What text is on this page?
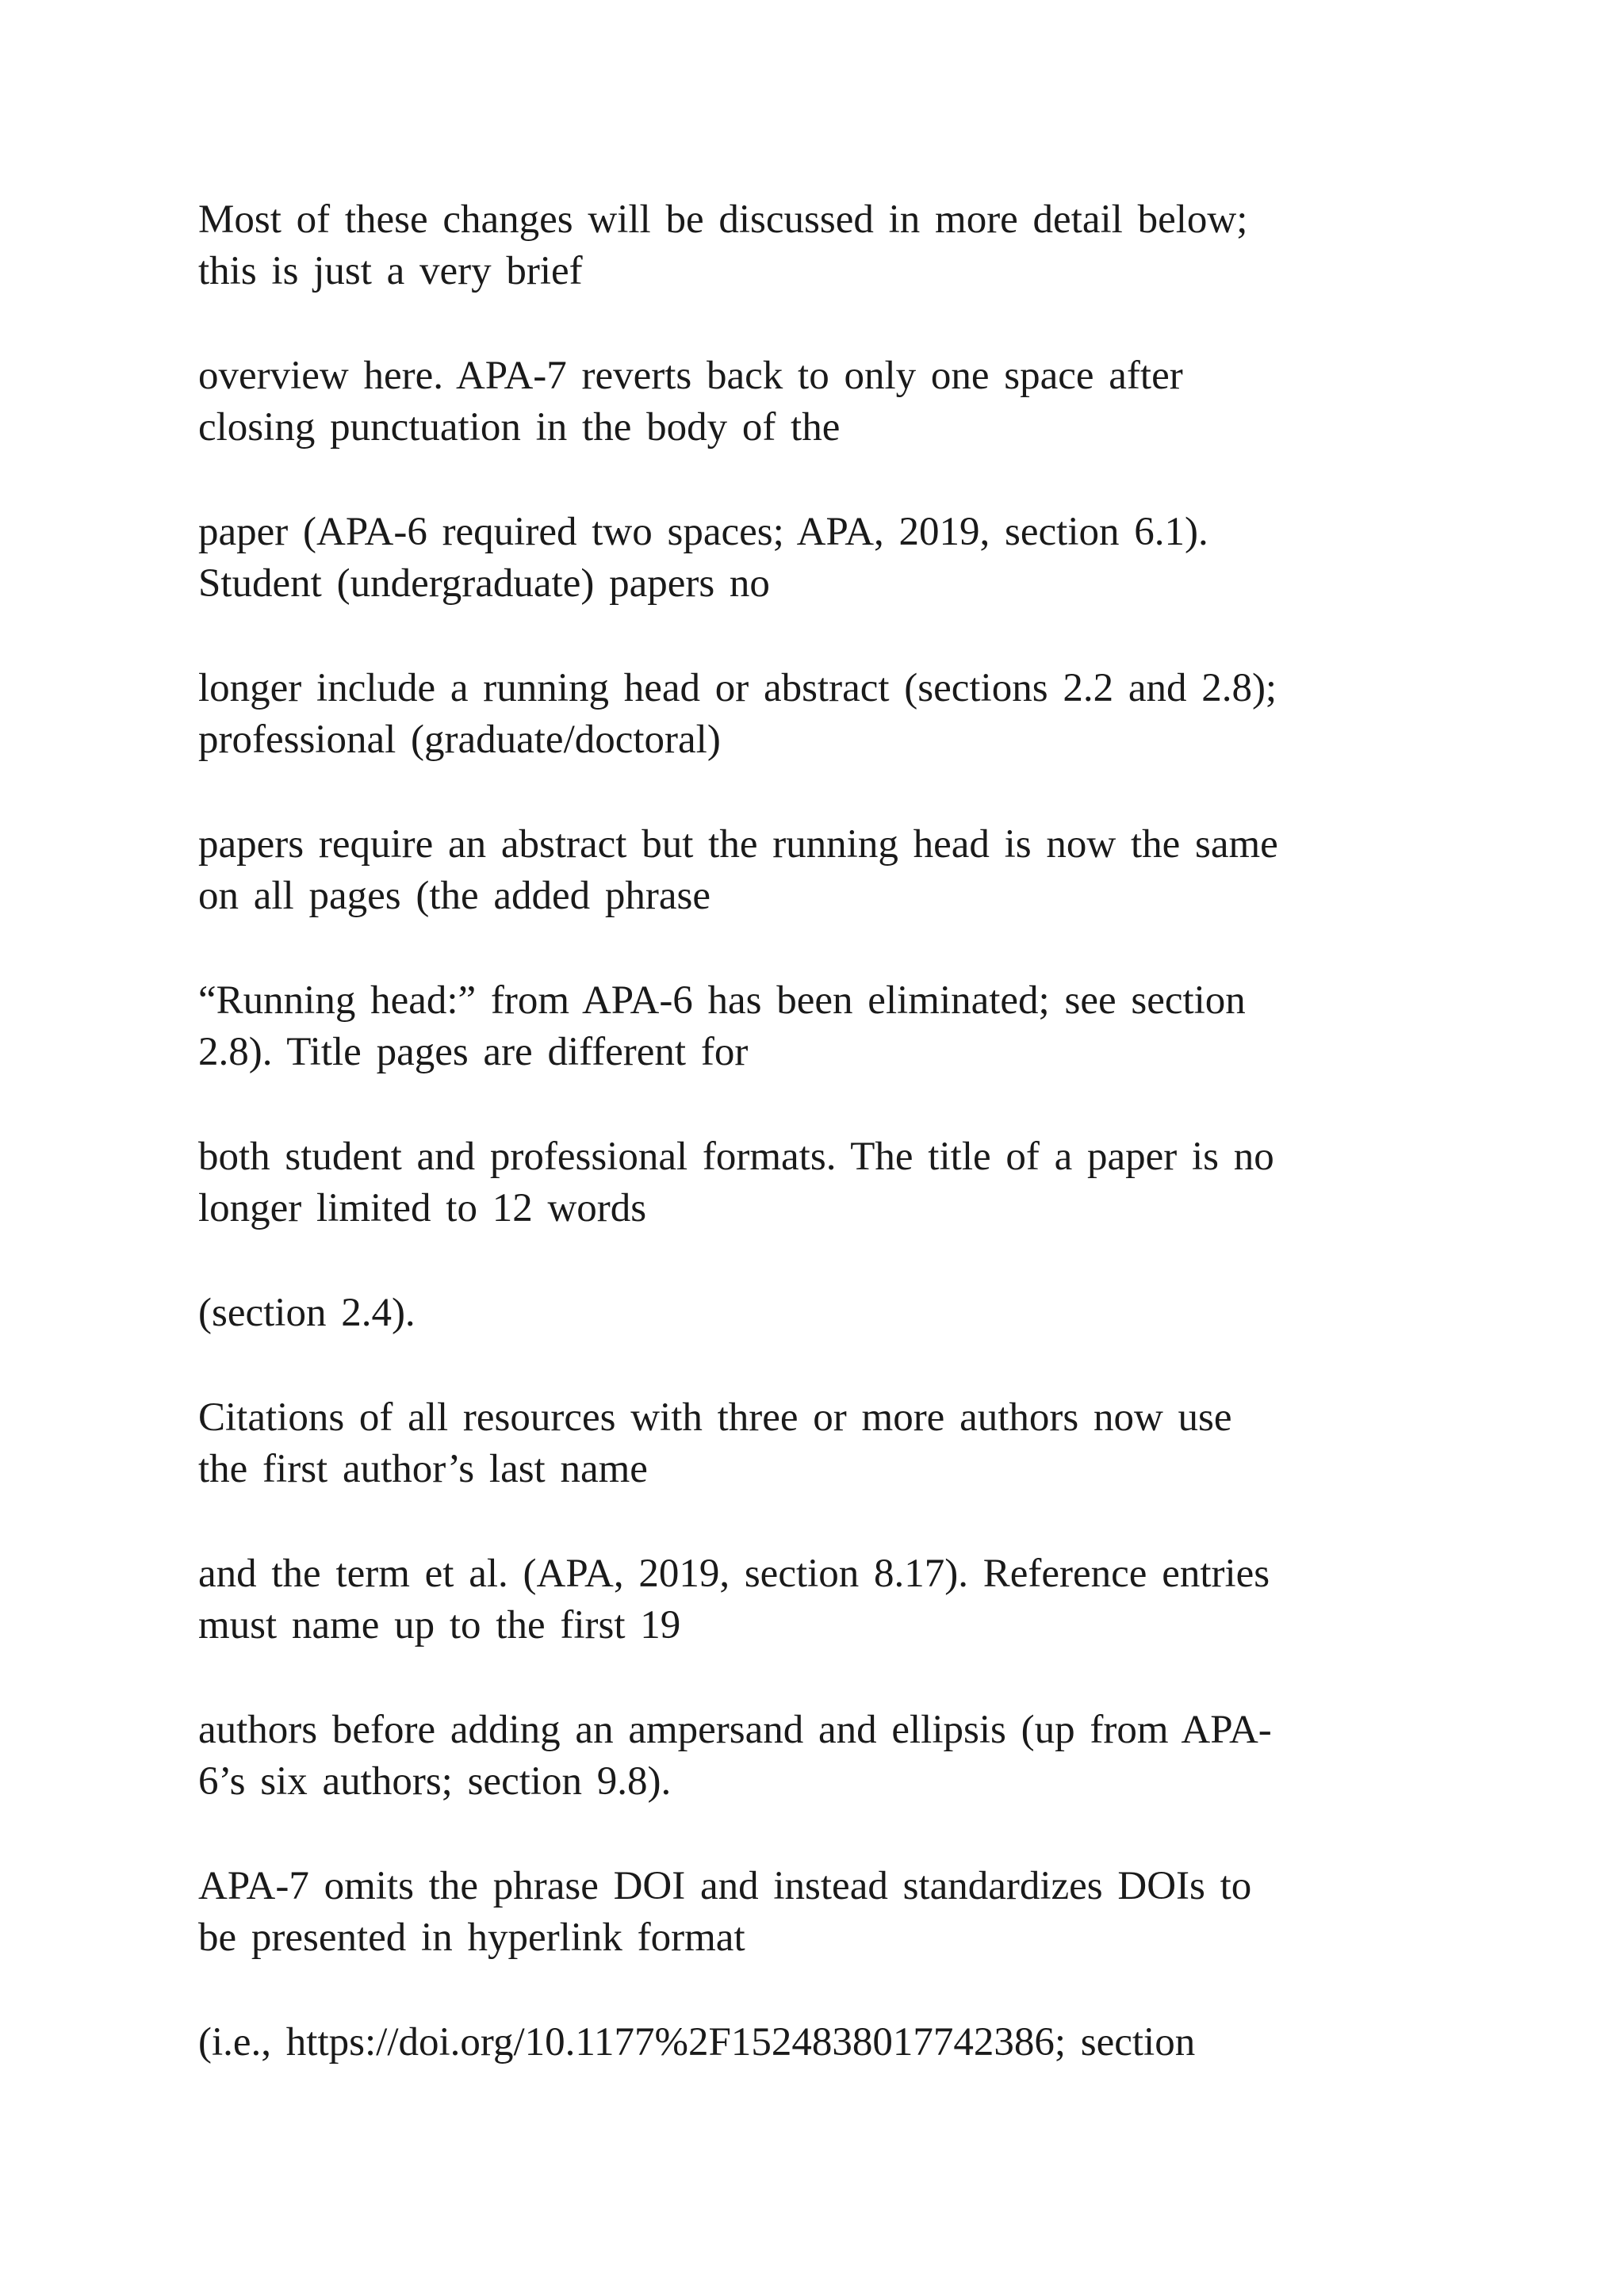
Most of these changes will be discussed in more detail below;
this is just a very brief

overview here. APA-7 reverts back to only one space after
closing punctuation in the body of the

paper (APA-6 required two spaces; APA, 2019, section 6.1).
Student (undergraduate) papers no

longer include a running head or abstract (sections 2.2 and 2.8);
professional (graduate/doctoral)

papers require an abstract but the running head is now the same
on all pages (the added phrase

“Running head:” from APA-6 has been eliminated; see section
2.8). Title pages are different for

both student and professional formats. The title of a paper is no
longer limited to 12 words

(section 2.4).

Citations of all resources with three or more authors now use
the first author’s last name

and the term et al. (APA, 2019, section 8.17). Reference entries
must name up to the first 19

authors before adding an ampersand and ellipsis (up from APA-
6’s six authors; section 9.8).

APA-7 omits the phrase DOI and instead standardizes DOIs to
be presented in hyperlink format

(i.e., https://doi.org/10.1177%2F1524838017742386; section
